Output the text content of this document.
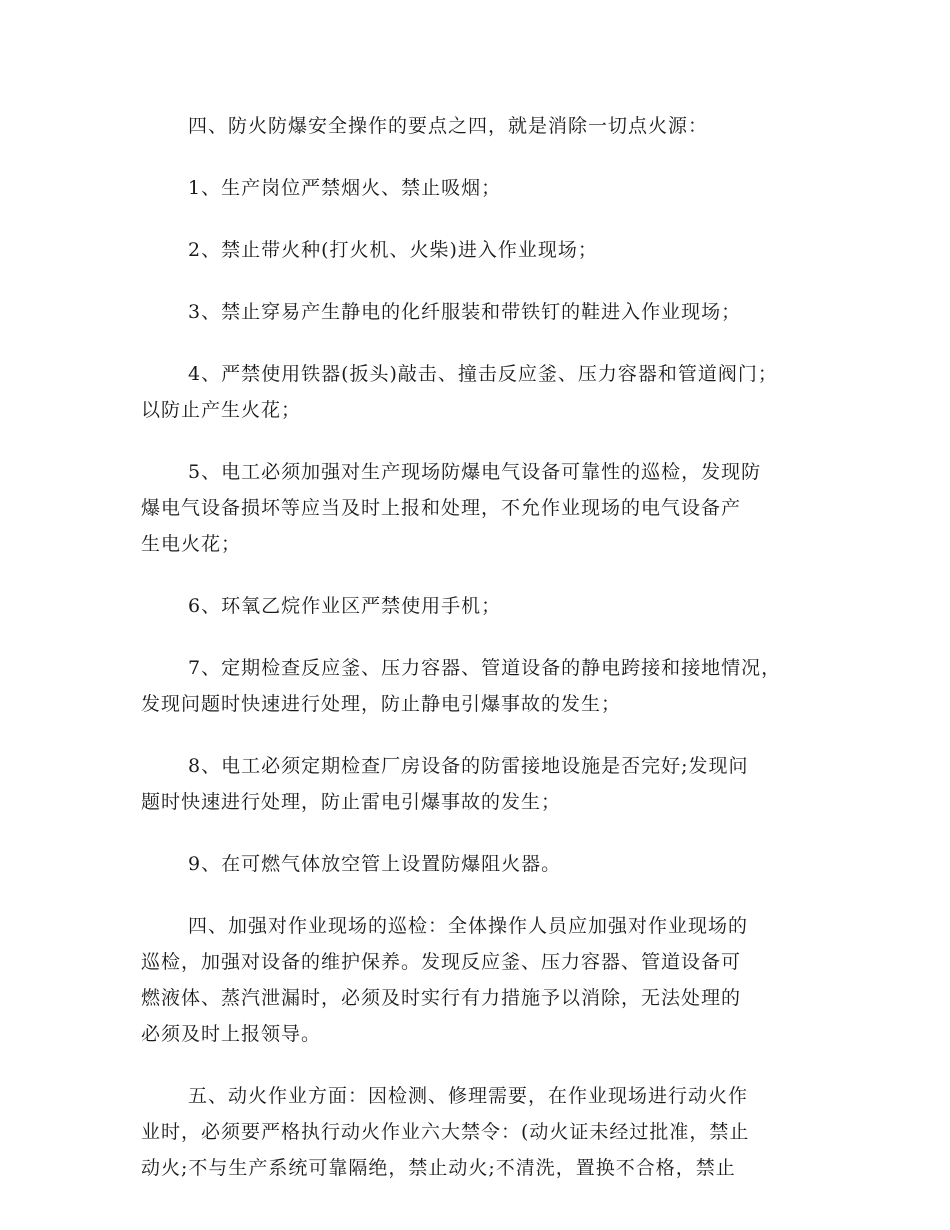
四、防火防爆安全操作的要点之四，就是消除一切点火源：

1、生产岗位严禁烟火、禁止吸烟；

2、禁止带火种(打火机、火柴)进入作业现场；

3、禁止穿易产生静电的化纤服装和带铁钉的鞋进入作业现场；

4、严禁使用铁器(扳头)敲击、撞击反应釜、压力容器和管道阀门；
以防止产生火花；

5、电工必须加强对生产现场防爆电气设备可靠性的巡检，发现防
爆电气设备损坏等应当及时上报和处理，不允作业现场的电气设备产
生电火花；

6、环氧乙烷作业区严禁使用手机；

7、定期检查反应釜、压力容器、管道设备的静电跨接和接地情况，
发现问题时快速进行处理，防止静电引爆事故的发生；

8、电工必须定期检查厂房设备的防雷接地设施是否完好;发现问
题时快速进行处理，防止雷电引爆事故的发生；

9、在可燃气体放空管上设置防爆阻火器。

四、加强对作业现场的巡检：全体操作人员应加强对作业现场的
巡检，加强对设备的维护保养。发现反应釜、压力容器、管道设备可
燃液体、蒸汽泄漏时，必须及时实行有力措施予以消除，无法处理的
必须及时上报领导。

五、动火作业方面：因检测、修理需要，在作业现场进行动火作
业时，必须要严格执行动火作业六大禁令：(动火证未经过批准，禁止
动火;不与生产系统可靠隔绝，禁止动火;不清洗，置换不合格，禁止
